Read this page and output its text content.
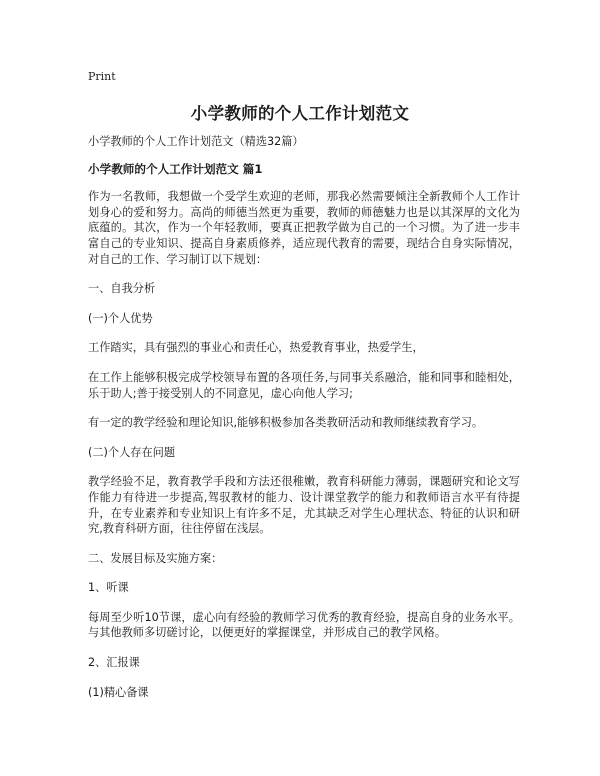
Print
小学教师的个人工作计划范文

小学教师的个人工作计划范文（精选32篇）

小学教师的个人工作计划范文 篇1

作为一名教师，我想做一个受学生欢迎的老师，那我必然需要倾注全新教师个人工作计划身心的爱和努力。高尚的师德当然更为重要，教师的师德魅力也是以其深厚的文化为底蕴的。其次，作为一个年轻教师，要真正把教学做为自己的一个习惯。为了进一步丰富自己的专业知识、提高自身素质修养，适应现代教育的需要，现结合自身实际情况，对自己的工作、学习制订以下规划：

一、自我分析

(一)个人优势

工作踏实，具有强烈的事业心和责任心，热爱教育事业，热爱学生，

在工作上能够积极完成学校领导布置的各项任务,与同事关系融洽，能和同事和睦相处，乐于助人;善于接受别人的不同意见，虚心向他人学习;

有一定的教学经验和理论知识,能够积极参加各类教研活动和教师继续教育学习。

(二)个人存在问题

教学经验不足，教育教学手段和方法还很稚嫩，教育科研能力薄弱，课题研究和论文写作能力有待进一步提高,驾驭教材的能力、设计课堂教学的能力和教师语言水平有待提升，在专业素养和专业知识上有许多不足，尤其缺乏对学生心理状态、特征的认识和研究,教育科研方面，往往停留在浅层。

二、发展目标及实施方案：

1、听课

每周至少听10节课，虚心向有经验的教师学习优秀的教育经验，提高自身的业务水平。与其他教师多切磋讨论，以便更好的掌握课堂，并形成自己的教学风格。

2、汇报课

(1)精心备课
